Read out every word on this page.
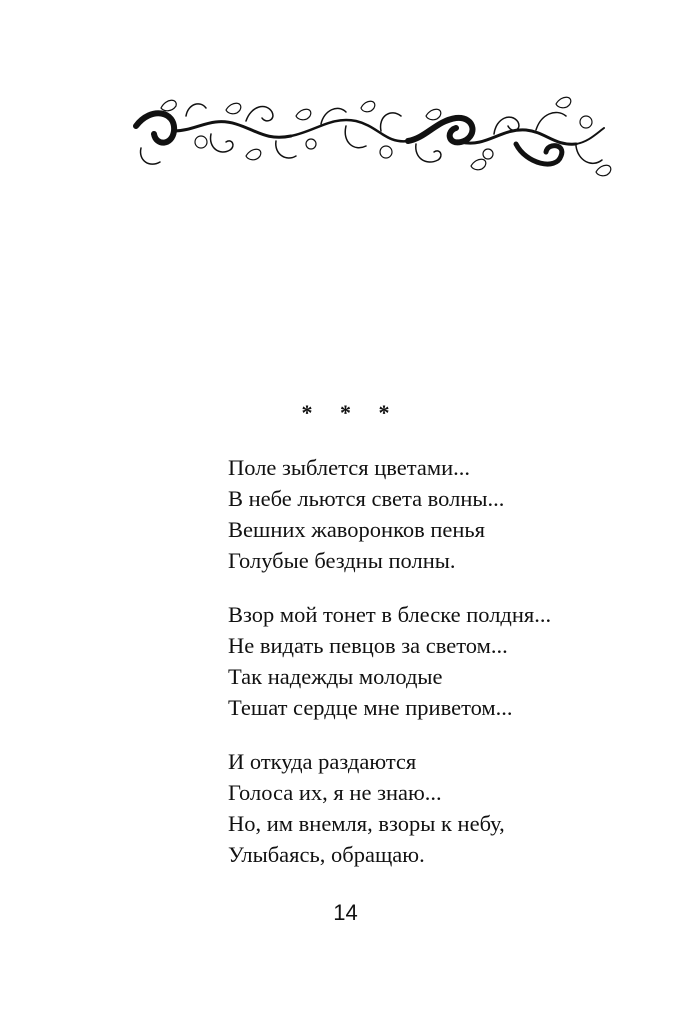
* * *
Поле зыблется цветами...
В небе льются света волны...
Вешних жаворонков пенья
Голубые бездны полны.
Взор мой тонет в блеске полдня...
Не видать певцов за светом...
Так надежды молодые
Тешат сердце мне приветом...
И откуда раздаются
Голоса их, я не знаю...
Но, им внемля, взоры к небу,
Улыбаясь, обращаю.
14
